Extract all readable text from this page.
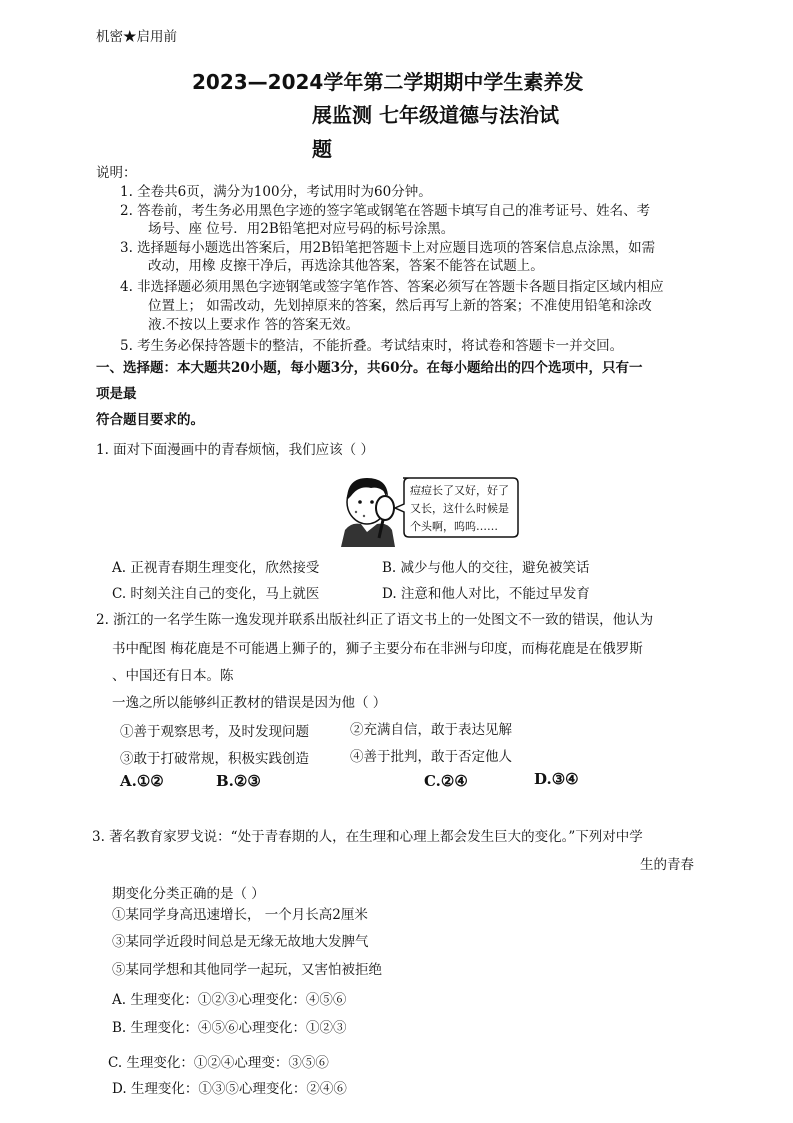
机密★启用前
2023—2024学年第二学期期中学生素养发
展监测 七年级道德与法治试
题
说明：
1. 全卷共6页，满分为100分，考试用时为60分钟。
2. 答卷前，考生务必用黑色字迹的签字笔或钢笔在答题卡填写自己的准考证号、姓名、考
场号、座 位号．用2B铅笔把对应号码的标号涂黑。
3. 选择题每小题选出答案后，用2B铅笔把答题卡上对应题目选项的答案信息点涂黑，如需
改动，用橡 皮擦干净后，再选涂其他答案，答案不能答在试题上。
4. 非选择题必须用黑色字迹钢笔或签字笔作答、答案必须写在答题卡各题目指定区域内相应
位置上； 如需改动，先划掉原来的答案，然后再写上新的答案；不准使用铅笔和涂改
液.不按以上要求作 答的答案无效。
5. 考生务必保持答题卡的整洁，不能折叠。考试结束时，将试卷和答题卡一并交回。
一、选择题：本大题共20小题，每小题3分，共60分。在每小题给出的四个选项中，只有一
项是最
符合题目要求的。
1. 面对下面漫画中的青春烦恼，我们应该（ ）
痘痘长了又好，好了
又长，这什么时候是
个头啊，呜呜……
A. 正视青春期生理变化，欣然接受	B. 减少与他人的交往，避免被笑话
C. 时刻关注自己的变化，马上就医	D. 注意和他人对比，不能过早发育
2. 浙江的一名学生陈一逸发现并联系出版社纠正了语文书上的一处图文不一致的错误，他认为
书中配图 梅花鹿是不可能遇上狮子的，狮子主要分布在非洲与印度，而梅花鹿是在俄罗斯
、中国还有日本。陈
一逸之所以能够纠正教材的错误是因为他（ ）
①善于观察思考，及时发现问题	②充满自信，敢于表达见解
③敢于打破常规，积极实践创造	④善于批判，敢于否定他人
A.①②	B.②③	C.②④	D.③④
3. 著名教育家罗戈说：“处于青春期的人，在生理和心理上都会发生巨大的变化。”下列对中学
生的青春
期变化分类正确的是（ ）
①某同学身高迅速增长， 一个月长高2厘米
③某同学近段时间总是无缘无故地大发脾气
⑤某同学想和其他同学一起玩，又害怕被拒绝
A. 生理变化：①②③心理变化：④⑤⑥
B. 生理变化：④⑤⑥心理变化：①②③
C. 生理变化：①②④心理变：③⑤⑥
D. 生理变化：①③⑤心理变化：②④⑥
